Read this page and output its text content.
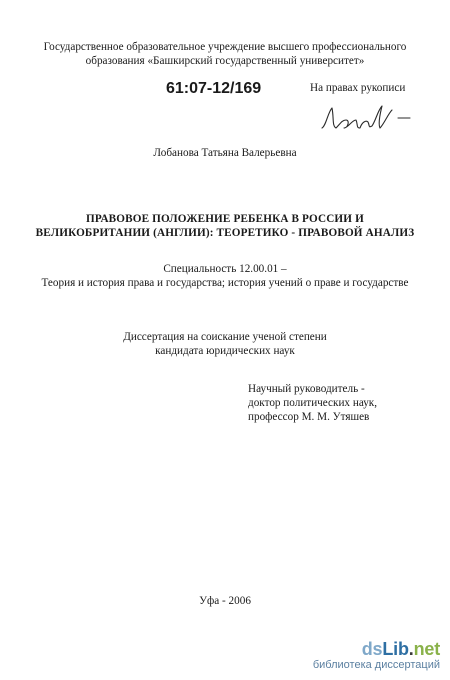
Государственное образовательное учреждение высшего профессионального
образования «Башкирский государственный университет»
61:07-12/169	На правах рукописи
Лобанова Татьяна Валерьевна
ПРАВОВОЕ ПОЛОЖЕНИЕ РЕБЕНКА В РОССИИ И
ВЕЛИКОБРИТАНИИ (АНГЛИИ): ТЕОРЕТИКО - ПРАВОВОЙ АНАЛИЗ
Специальность 12.00.01 –
Теория и история права и государства; история учений о праве и государстве
Диссертация на соискание ученой степени
кандидата юридических наук
Научный руководитель -
доктор политических наук,
профессор М. М. Утяшев
Уфа - 2006
dsLib.net
библиотека диссертаций
